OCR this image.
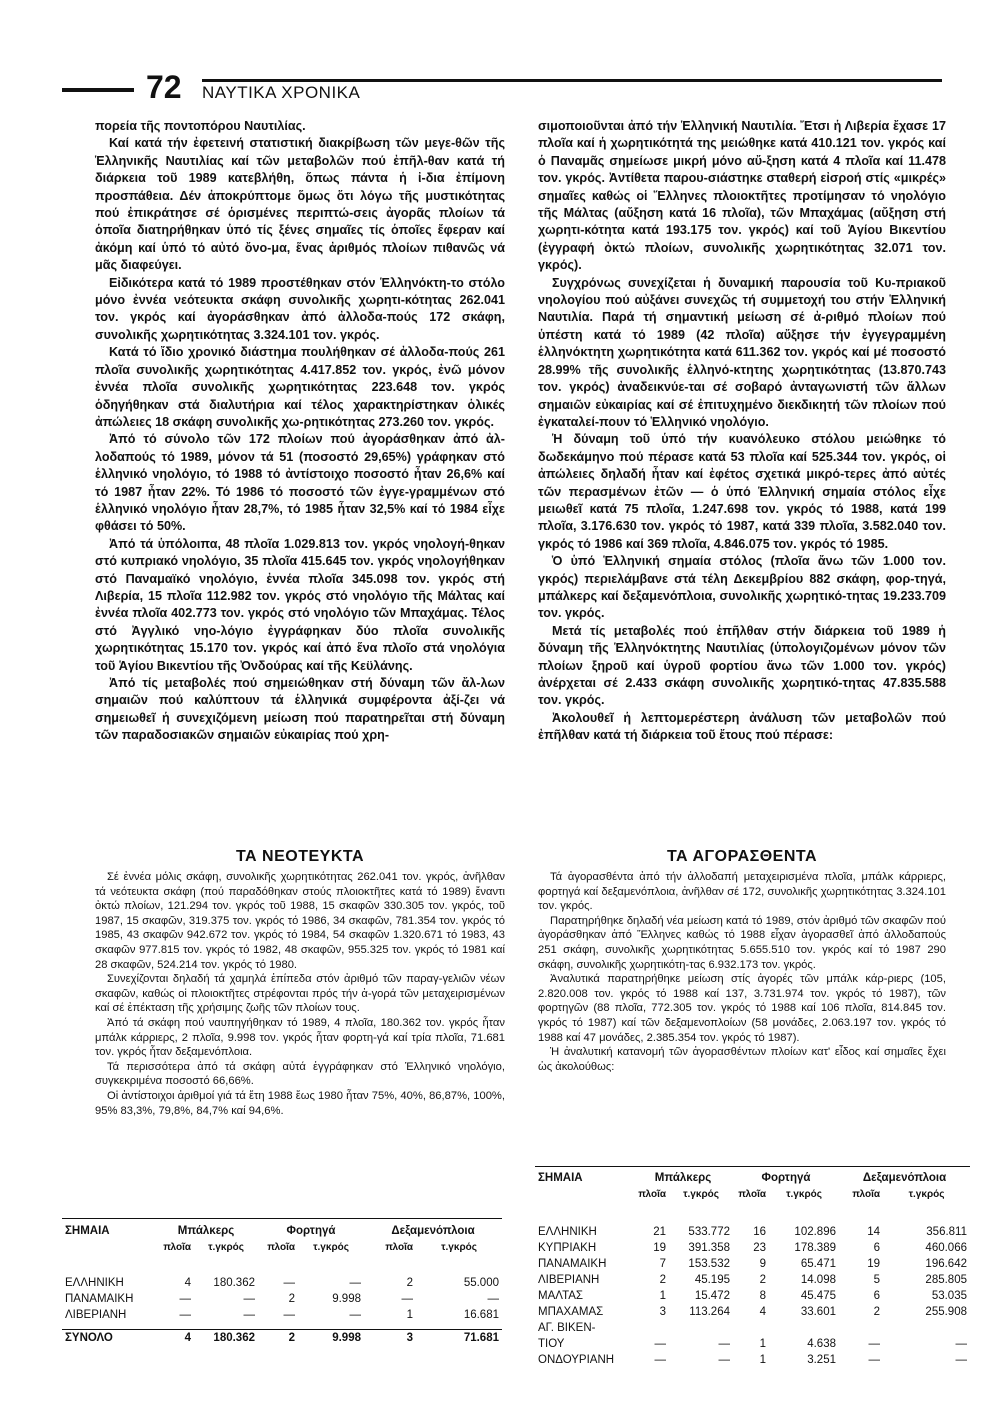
72 ΝΑΥΤΙΚΑ ΧΡΟΝΙΚΑ

πορεία τῆς ποντοπόρου Ναυτιλίας.

Καί κατά τήν ἐφετεινή στατιστική διακρίβωση τῶν μεγε-θῶν τῆς Ἑλληνικῆς Ναυτιλίας καί τῶν μεταβολῶν πού ἐπῆλ-θαν κατά τή διάρκεια τοῦ 1989 κατεβλήθη, ὅπως πάντα ἡ ἰ-δια ἐπίμονη προσπάθεια. Δέν ἀποκρύπτομε ὅμως ὅτι λόγω τῆς μυστικότητας πού ἐπικράτησε σέ ὁρισμένες περιπτώ-σεις ἀγορᾶς πλοίων τά ὁποῖα διατηρήθηκαν ὑπό τίς ξένες σημαῖες τίς ὁποῖες ἔφεραν καί ἀκόμη καί ὑπό τό αὐτό ὄνο-μα, ἕνας ἀριθμός πλοίων πιθανῶς νά μᾶς διαφεύγει.

Εἰδικότερα κατά τό 1989 προστέθηκαν στόν Ἑλληνόκτη-το στόλο μόνο ἐννέα νεότευκτα σκάφη συνολικῆς χωρητι-κότητας 262.041 τον. γκρός καί ἀγοράσθηκαν ἀπό ἀλλοδα-πούς 172 σκάφη, συνολικῆς χωρητικότητας 3.324.101 τον. γκρός.

Κατά τό ἴδιο χρονικό διάστημα πουλήθηκαν σέ ἀλλοδα-πούς 261 πλοῖα συνολικῆς χωρητικότητας 4.417.852 τον. γκρός, ἐνῶ μόνον ἐννέα πλοῖα συνολικῆς χωρητικότητας 223.648 τον. γκρός ὁδηγήθηκαν στά διαλυτήρια καί τέλος χαρακτηρίστηκαν ὁλικές ἀπώλειες 18 σκάφη συνολικῆς χω-ρητικότητας 273.260 τον. γκρός.

Ἀπό τό σύνολο τῶν 172 πλοίων πού ἀγοράσθηκαν ἀπό ἀλ-λοδαπούς τό 1989, μόνον τά 51 (ποσοστό 29,65%) γράφηκαν στό ἑλληνικό νηολόγιο, τό 1988 τό ἀντίστοιχο ποσοστό ἦταν 26,6% καί τό 1987 ἦταν 22%. Τό 1986 τό ποσοστό τῶν ἐγγε-γραμμένων στό ἑλληνικό νηολόγιο ἦταν 28,7%, τό 1985 ἦταν 32,5% καί τό 1984 εἶχε φθάσει τό 50%.

Ἀπό τά ὑπόλοιπα, 48 πλοῖα 1.029.813 τον. γκρός νηολογή-θηκαν στό κυπριακό νηολόγιο, 35 πλοῖα 415.645 τον. γκρός νηολογήθηκαν στό Παναμαϊκό νηολόγιο, ἐννέα πλοῖα 345.098 τον. γκρός στή Λιβερία, 15 πλοῖα 112.982 τον. γκρός στό νηολόγιο τῆς Μάλτας καί ἐννέα πλοῖα 402.773 τον. γκρός στό νηολόγιο τῶν Μπαχάμας. Τέλος στό Ἀγγλικό νηο-λόγιο ἐγγράφηκαν δύο πλοῖα συνολικῆς χωρητικότητας 15.170 τον. γκρός καί ἀπό ἕνα πλοῖο στά νηολόγια τοῦ Ἁγίου Βικεντίου τῆς Ὀνδούρας καί τῆς Κεϋλάνης.

Ἀπό τίς μεταβολές πού σημειώθηκαν στή δύναμη τῶν ἄλ-λων σημαιῶν πού καλύπτουν τά ἑλληνικά συμφέροντα ἀξί-ζει νά σημειωθεῖ ἡ συνεχιζόμενη μείωση πού παρατηρεῖται στή δύναμη τῶν παραδοσιακῶν σημαιῶν εὐκαιρίας πού χρη-

σιμοποιοῦνται ἀπό τήν Ἑλληνική Ναυτιλία. Ἔτσι ἡ Λιβερία ἔχασε 17 πλοῖα καί ἡ χωρητικότητά της μειώθηκε κατά 410.121 τον. γκρός καί ὁ Παναμᾶς σημείωσε μικρή μόνο αὔ-ξηση κατά 4 πλοῖα καί 11.478 τον. γκρός. Ἀντίθετα παρου-σιάστηκε σταθερή εἰσροή στίς «μικρές» σημαῖες καθώς οἱ Ἕλληνες πλοιοκτῆτες προτίμησαν τό νηολόγιο τῆς Μάλτας (αὔξηση κατά 16 πλοῖα), τῶν Μπαχάμας (αὔξηση στή χωρητι-κότητα κατά 193.175 τον. γκρός) καί τοῦ Ἁγίου Βικεντίου (ἐγγραφή ὀκτώ πλοίων, συνολικῆς χωρητικότητας 32.071 τον. γκρός).

Συγχρόνως συνεχίζεται ἡ δυναμική παρουσία τοῦ Κυ-πριακοῦ νηολογίου πού αὐξάνει συνεχῶς τή συμμετοχή του στήν Ἑλληνική Ναυτιλία. Παρά τή σημαντική μείωση σέ ἀ-ριθμό πλοίων πού ὑπέστη κατά τό 1989 (42 πλοῖα) αὔξησε τήν ἐγγεγραμμένη ἑλληνόκτητη χωρητικότητα κατά 611.362 τον. γκρός καί μέ ποσοστό 28.99% τῆς συνολικῆς ἑλληνό-κτητης χωρητικότητας (13.870.743 τον. γκρός) ἀναδεικνύε-ται σέ σοβαρό ἀνταγωνιστή τῶν ἄλλων σημαιῶν εὐκαιρίας καί σέ ἐπιτυχημένο διεκδικητή τῶν πλοίων πού ἐγκαταλεί-πουν τό Ἑλληνικό νηολόγιο.

Ἡ δύναμη τοῦ ὑπό τήν κυανόλευκο στόλου μειώθηκε τό δωδεκάμηνο πού πέρασε κατά 53 πλοῖα καί 525.344 τον. γκρός, οἱ ἀπώλειες δηλαδή ἦταν καί ἐφέτος σχετικά μικρό-τερες ἀπό αὐτές τῶν περασμένων ἐτῶν — ὁ ὑπό Ἑλληνική σημαία στόλος εἶχε μειωθεῖ κατά 75 πλοῖα, 1.247.698 τον. γκρός τό 1988, κατά 199 πλοῖα, 3.176.630 τον. γκρός τό 1987, κατά 339 πλοῖα, 3.582.040 τον. γκρός τό 1986 καί 369 πλοῖα, 4.846.075 τον. γκρός τό 1985.

Ὁ ὑπό Ἑλληνική σημαία στόλος (πλοῖα ἄνω τῶν 1.000 τον. γκρός) περιελάμβανε στά τέλη Δεκεμβρίου 882 σκάφη, φορ-τηγά, μπάλκερς καί δεξαμενόπλοια, συνολικῆς χωρητικό-τητας 19.233.709 τον. γκρός.

Μετά τίς μεταβολές πού ἐπῆλθαν στήν διάρκεια τοῦ 1989 ἡ δύναμη τῆς Ἑλληνόκτητης Ναυτιλίας (ὑπολογιζομένων μόνον τῶν πλοίων ξηροῦ καί ὑγροῦ φορτίου ἄνω τῶν 1.000 τον. γκρός) ἀνέρχεται σέ 2.433 σκάφη συνολικῆς χωρητικό-τητας 47.835.588 τον. γκρός.

Ἀκολουθεῖ ἡ λεπτομερέστερη ἀνάλυση τῶν μεταβολῶν πού ἐπῆλθαν κατά τή διάρκεια τοῦ ἔτους πού πέρασε:

ΤΑ ΝΕΟΤΕΥΚΤΑ	ΤΑ ΑΓΟΡΑΣΘΕΝΤΑ

Σέ ἐννέα μόλις σκάφη, συνολικῆς χωρητικότητας 262.041 τον. γκρός, ἀνῆλθαν τά νεότευκτα σκάφη (πού παραδόθηκαν στούς πλοιοκτῆτες κατά τό 1989) ἔναντι ὀκτώ πλοίων, 121.294 τον. γκρός τοῦ 1988, 15 σκαφῶν 330.305 τον. γκρός, τοῦ 1987, 15 σκαφῶν, 319.375 τον. γκρός τό 1986, 34 σκαφῶν, 781.354 τον. γκρός τό 1985, 43 σκαφῶν 942.672 τον. γκρός τό 1984, 54 σκαφῶν 1.320.671 τό 1983, 43 σκαφῶν 977.815 τον. γκρός τό 1982, 48 σκαφῶν, 955.325 τον. γκρός τό 1981 καί 28 σκαφῶν, 524.214 τον. γκρός τό 1980.

Συνεχίζονται δηλαδή τά χαμηλά ἐπίπεδα στόν ἀριθμό τῶν παραγ-γελιῶν νέων σκαφῶν, καθώς οἱ πλοιοκτῆτες στρέφονται πρός τήν ἀ-γορά τῶν μεταχειρισμένων καί σέ ἐπέκταση τῆς χρήσιμης ζωῆς τῶν πλοίων τους.

Ἀπό τά σκάφη πού ναυπηγήθηκαν τό 1989, 4 πλοῖα, 180.362 τον. γκρός ἦταν μπάλκ κάρριερς, 2 πλοῖα, 9.998 τον. γκρός ἦταν φορτη-γά καί τρία πλοῖα, 71.681 τον. γκρός ἦταν δεξαμενόπλοια.

Τά περισσότερα ἀπό τά σκάφη αὐτά ἐγγράφηκαν στό Ἑλληνικό νηολόγιο, συγκεκριμένα ποσοστό 66,66%.

Οἱ ἀντίστοιχοι ἀριθμοί γιά τά ἔτη 1988 ἕως 1980 ἦταν 75%, 40%, 86,87%, 100%, 95% 83,3%, 79,8%, 84,7% καί 94,6%.

Τά ἀγορασθέντα ἀπό τήν ἀλλοδαπή μεταχειρισμένα πλοῖα, μπάλκ κάρριερς, φορτηγά καί δεξαμενόπλοια, ἀνῆλθαν σέ 172, συνολικῆς χωρητικότητας 3.324.101 τον. γκρός.

Παρατηρήθηκε δηλαδή νέα μείωση κατά τό 1989, στόν ἀριθμό τῶν σκαφῶν πού ἀγοράσθηκαν ἀπό Ἕλληνες καθώς τό 1988 εἶχαν ἀγορασθεῖ ἀπό ἀλλοδαπούς 251 σκάφη, συνολικῆς χωρητικότητας 5.655.510 τον. γκρός καί τό 1987 290 σκάφη, συνολικῆς χωρητικότη-τας 6.932.173 τον. γκρός.

Ἀναλυτικά παρατηρήθηκε μείωση στίς ἀγορές τῶν μπάλκ κάρ-ριερς (105, 2.820.008 τον. γκρός τό 1988 καί 137, 3.731.974 τον. γκρός τό 1987), τῶν φορτηγῶν (88 πλοῖα, 772.305 τον. γκρός τό 1988 καί 106 πλοῖα, 814.845 τον. γκρός τό 1987) καί τῶν δεξαμενοπλοίων (58 μονάδες, 2.063.197 τον. γκρός τό 1988 καί 47 μονάδες, 2.385.354 τον. γκρός τό 1987).

Ἡ ἀναλυτική κατανομή τῶν ἀγορασθέντων πλοίων κατ' εἶδος καί σημαῖες ἔχει ὡς ἀκολούθως:

ΣΗΜΑΙΑ	Μπάλκερς		Φορτηγά		Δεξαμενόπλοια	
	πλοῖα	τ.γκρός	πλοῖα	τ.γκρός	πλοῖα	τ.γκρός

ΕΛΛΗΝΙΚΗ	4	180.362	—	—	2	55.000
ΠΑΝΑΜΑΙΚΗ	—	—	2	9.998	—	—
ΛΙΒΕΡΙΑΝΗ	—	—	—	—	1	16.681

ΣΥΝΟΛΟ	4	180.362	2	9.998	3	71.681
ΣΗΜΑΙΑ	Μπάλκερς		Φορτηγά		Δεξαμενόπλοια	
	πλοῖα	τ.γκρός	πλοῖα	τ.γκρός	πλοῖα	τ.γκρός

ΕΛΛΗΝΙΚΗ	21	533.772	16	102.896	14	356.811
ΚΥΠΡΙΑΚΗ	19	391.358	23	178.389	6	460.066
ΠΑΝΑΜΑΙΚΗ	7	153.532	9	65.471	19	196.642
ΛΙΒΕΡΙΑΝΗ	2	45.195	2	14.098	5	285.805
ΜΑΛΤΑΣ	1	15.472	8	45.475	6	53.035
ΜΠΑΧΑΜΑΣ	3	113.264	4	33.601	2	255.908
ΑΓ. ΒΙΚΕΝ-						
ΤΙΟΥ	—	—	1	4.638	—	—
ΟΝΔΟΥΡΙΑΝΗ	—	—	1	3.251	—	—
